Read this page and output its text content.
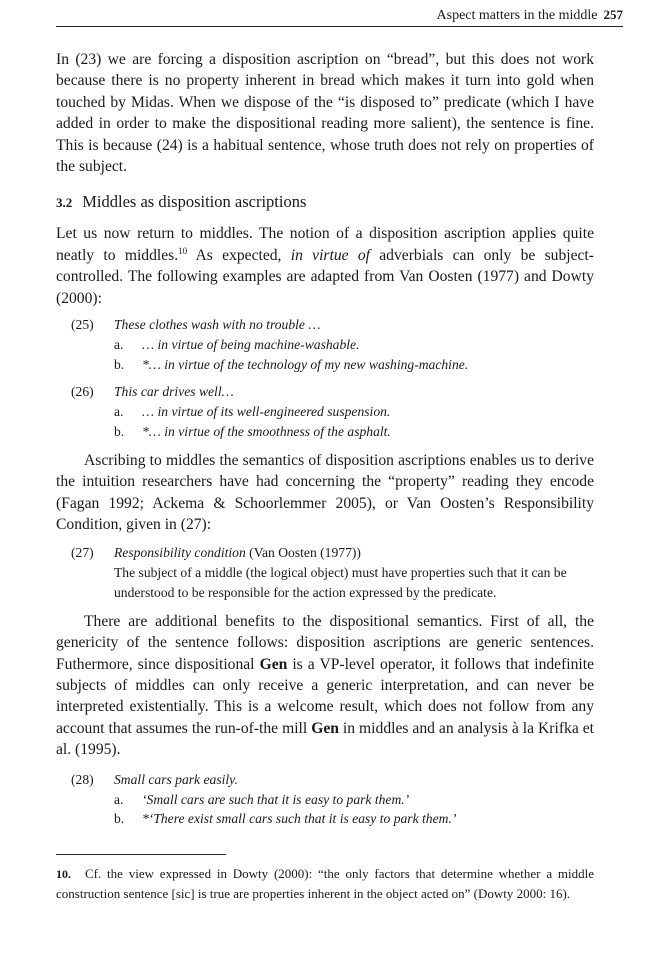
Aspect matters in the middle 257

In (23) we are forcing a disposition ascription on “bread”, but this does not work because there is no property inherent in bread which makes it turn into gold when touched by Midas. When we dispose of the “is disposed to” predicate (which I have added in order to make the dispositional reading more salient), the sentence is fine. This is because (24) is a habitual sentence, whose truth does not rely on properties of the subject.

3.2 Middles as disposition ascriptions

Let us now return to middles. The notion of a disposition ascription applies quite neatly to middles.$^{10}$ As expected, in virtue of adverbials can only be subject-controlled. The following examples are adapted from Van Oosten (1977) and Dowty (2000):

(25)	These clothes wash with no trouble …
a.	… in virtue of being machine-washable.
b.	*… in virtue of the technology of my new washing-machine.
(26)	This car drives well…
a.	… in virtue of its well-engineered suspension.
b.	*… in virtue of the smoothness of the asphalt.

Ascribing to middles the semantics of disposition ascriptions enables us to derive the intuition researchers have had concerning the “property” reading they encode (Fagan 1992; Ackema & Schoorlemmer 2005), or Van Oosten’s Responsibility Condition, given in (27):

(27)	Responsibility condition (Van Oosten (1977))
The subject of a middle (the logical object) must have properties such that it can be understood to be responsible for the action expressed by the predicate.

There are additional benefits to the dispositional semantics. First of all, the genericity of the sentence follows: disposition ascriptions are generic sentences. Futhermore, since dispositional Gen is a VP-level operator, it follows that indefinite subjects of middles can only receive a generic interpretation, and can never be interpreted existentially. This is a welcome result, which does not follow from any account that assumes the run-of-the mill Gen in middles and an analysis à la Krifka et al. (1995).

(28)	Small cars park easily.
a.	‘Small cars are such that it is easy to park them.’
b.	*‘There exist small cars such that it is easy to park them.’
10. Cf. the view expressed in Dowty (2000): “the only factors that determine whether a middle construction sentence [sic] is true are properties inherent in the object acted on” (Dowty 2000: 16).
